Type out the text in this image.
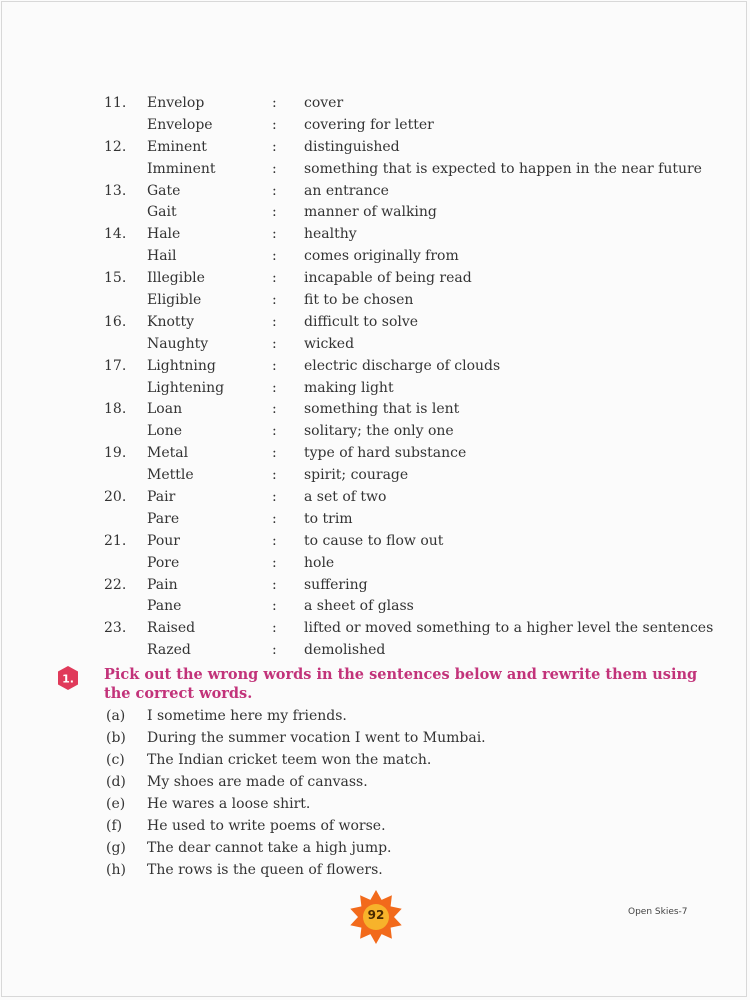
11. Envelop	: cover
Envelope	: covering for letter
12. Eminent	: distinguished
Imminent	: something that is expected to happen in the near future
13. Gate	: an entrance
Gait	: manner of walking
14. Hale	: healthy
Hail	: comes originally from
15. Illegible	: incapable of being read
Eligible	: fit to be chosen
16. Knotty	: difficult to solve
Naughty	: wicked
17. Lightning	: electric discharge of clouds
Lightening	: making light
18. Loan	: something that is lent
Lone	: solitary; the only one
19. Metal	: type of hard substance
Mettle	: spirit; courage
20. Pair	: a set of two
Pare	: to trim
21. Pour	: to cause to flow out
Pore	: hole
22. Pain	: suffering
Pane	: a sheet of glass
23. Raised	: lifted or moved something to a higher level the sentences
Razed	: demolished
1. Pick out the wrong words in the sentences below and rewrite them using the correct words.
(a) I sometime here my friends.
(b) During the summer vocation I went to Mumbai.
(c) The Indian cricket teem won the match.
(d) My shoes are made of canvass.
(e) He wares a loose shirt.
(f) He used to write poems of worse.
(g) The dear cannot take a high jump.
(h) The rows is the queen of flowers.
92	Open Skies-7
